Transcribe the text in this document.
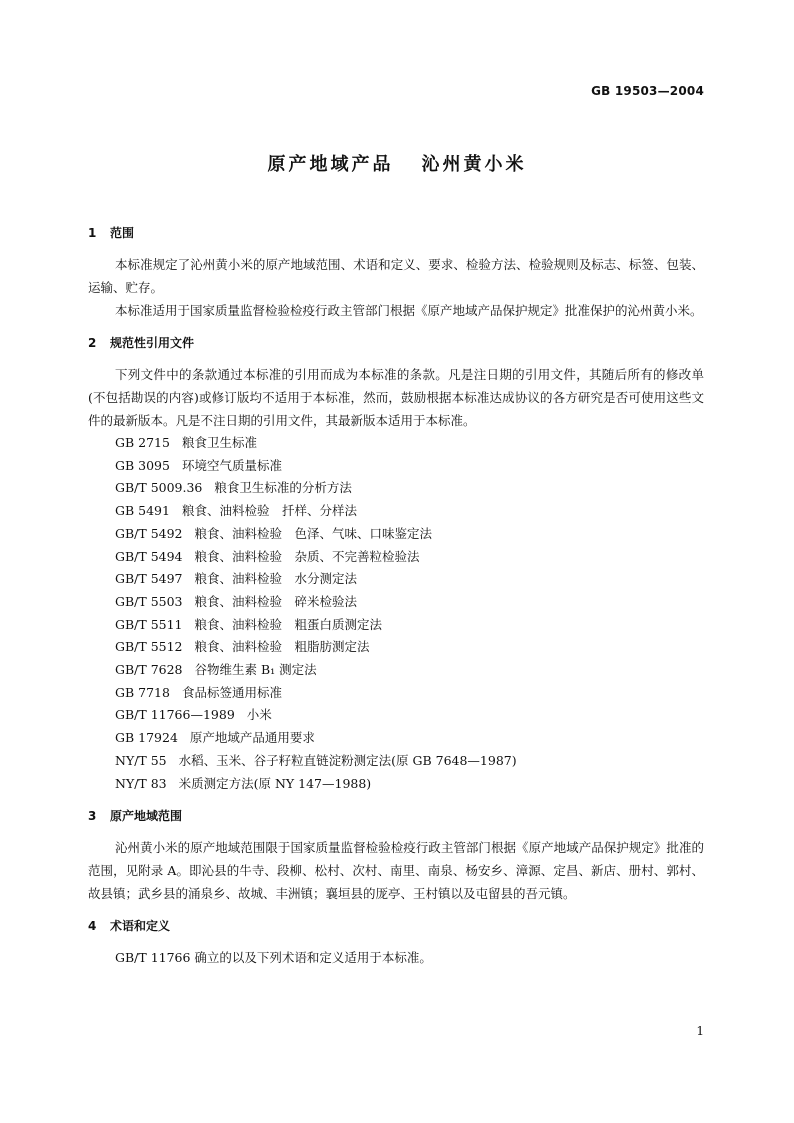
GB 19503—2004
原产地域产品 沁州黄小米
1 范围

本标准规定了沁州黄小米的原产地域范围、术语和定义、要求、检验方法、检验规则及标志、标签、包装、运输、贮存。

本标准适用于国家质量监督检验检疫行政主管部门根据《原产地域产品保护规定》批准保护的沁州黄小米。

2 规范性引用文件

下列文件中的条款通过本标准的引用而成为本标准的条款。凡是注日期的引用文件，其随后所有的修改单(不包括勘误的内容)或修订版均不适用于本标准，然而，鼓励根据本标准达成协议的各方研究是否可使用这些文件的最新版本。凡是不注日期的引用文件，其最新版本适用于本标准。

GB 2715 粮食卫生标准
GB 3095 环境空气质量标准
GB/T 5009.36 粮食卫生标准的分析方法
GB 5491 粮食、油料检验　扦样、分样法
GB/T 5492 粮食、油料检验　色泽、气味、口味鉴定法
GB/T 5494 粮食、油料检验　杂质、不完善粒检验法
GB/T 5497 粮食、油料检验　水分测定法
GB/T 5503 粮食、油料检验　碎米检验法
GB/T 5511 粮食、油料检验　粗蛋白质测定法
GB/T 5512 粮食、油料检验　粗脂肪测定法
GB/T 7628 谷物维生素 B₁ 测定法
GB 7718 食品标签通用标准
GB/T 11766—1989 小米
GB 17924 原产地域产品通用要求
NY/T 55 水稻、玉米、谷子籽粒直链淀粉测定法(原 GB 7648—1987)
NY/T 83 米质测定方法(原 NY 147—1988)
3 原产地域范围

沁州黄小米的原产地域范围限于国家质量监督检验检疫行政主管部门根据《原产地域产品保护规定》批准的范围，见附录 A。即沁县的牛寺、段柳、松村、次村、南里、南泉、杨安乡、漳源、定昌、新店、册村、郭村、故县镇；武乡县的涌泉乡、故城、丰洲镇；襄垣县的厐亭、王村镇以及屯留县的吾元镇。

4 术语和定义

GB/T 11766 确立的以及下列术语和定义适用于本标准。

1
